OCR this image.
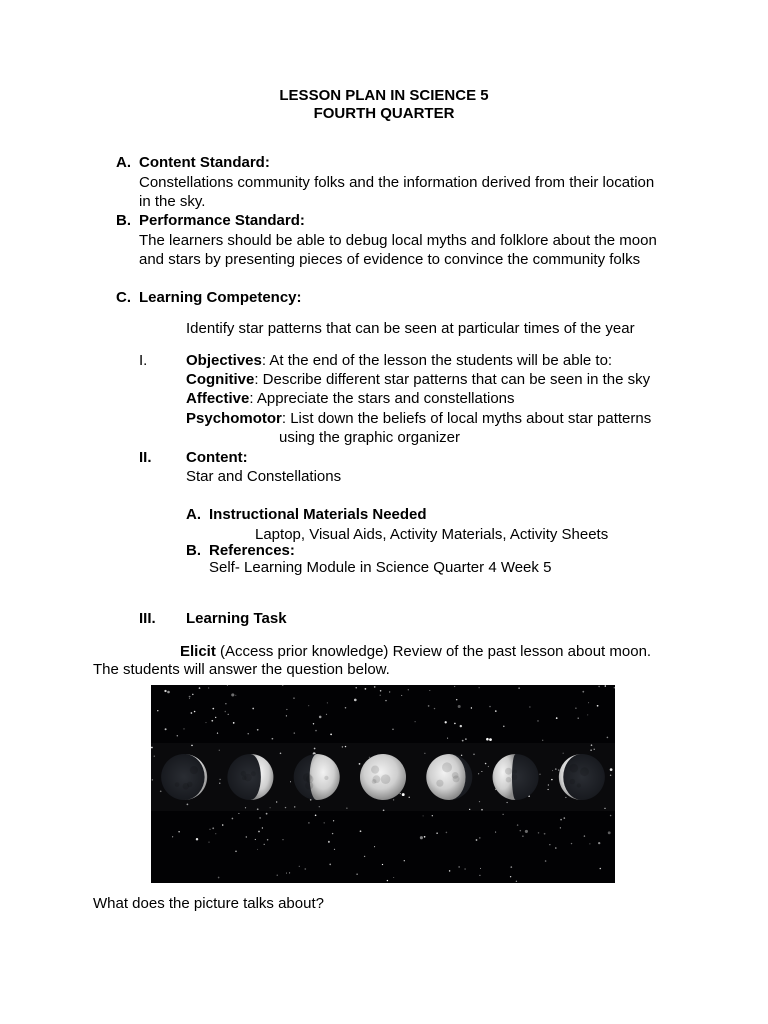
LESSON PLAN IN SCIENCE 5
FOURTH QUARTER
A. Content Standard:
Constellations community folks and the information derived from their location
in the sky.
B. Performance Standard:
The learners should be able to debug local myths and folklore about the moon
and stars by presenting pieces of evidence to convince the community folks
C. Learning Competency:
Identify star patterns that can be seen at particular times of the year
I.	Objectives: At the end of the lesson the students will be able to:
Cognitive: Describe different star patterns that can be seen in the sky
Affective: Appreciate the stars and constellations
Psychomotor: List down the beliefs of local myths about star patterns
using the graphic organizer
II. Content:
Star and Constellations
A. Instructional Materials Needed
Laptop, Visual Aids, Activity Materials, Activity Sheets
B. References:
Self- Learning Module in Science Quarter 4 Week 5
III. Learning Task
Elicit (Access prior knowledge) Review of the past lesson about moon.
The students will answer the question below.
What does the picture talks about?
